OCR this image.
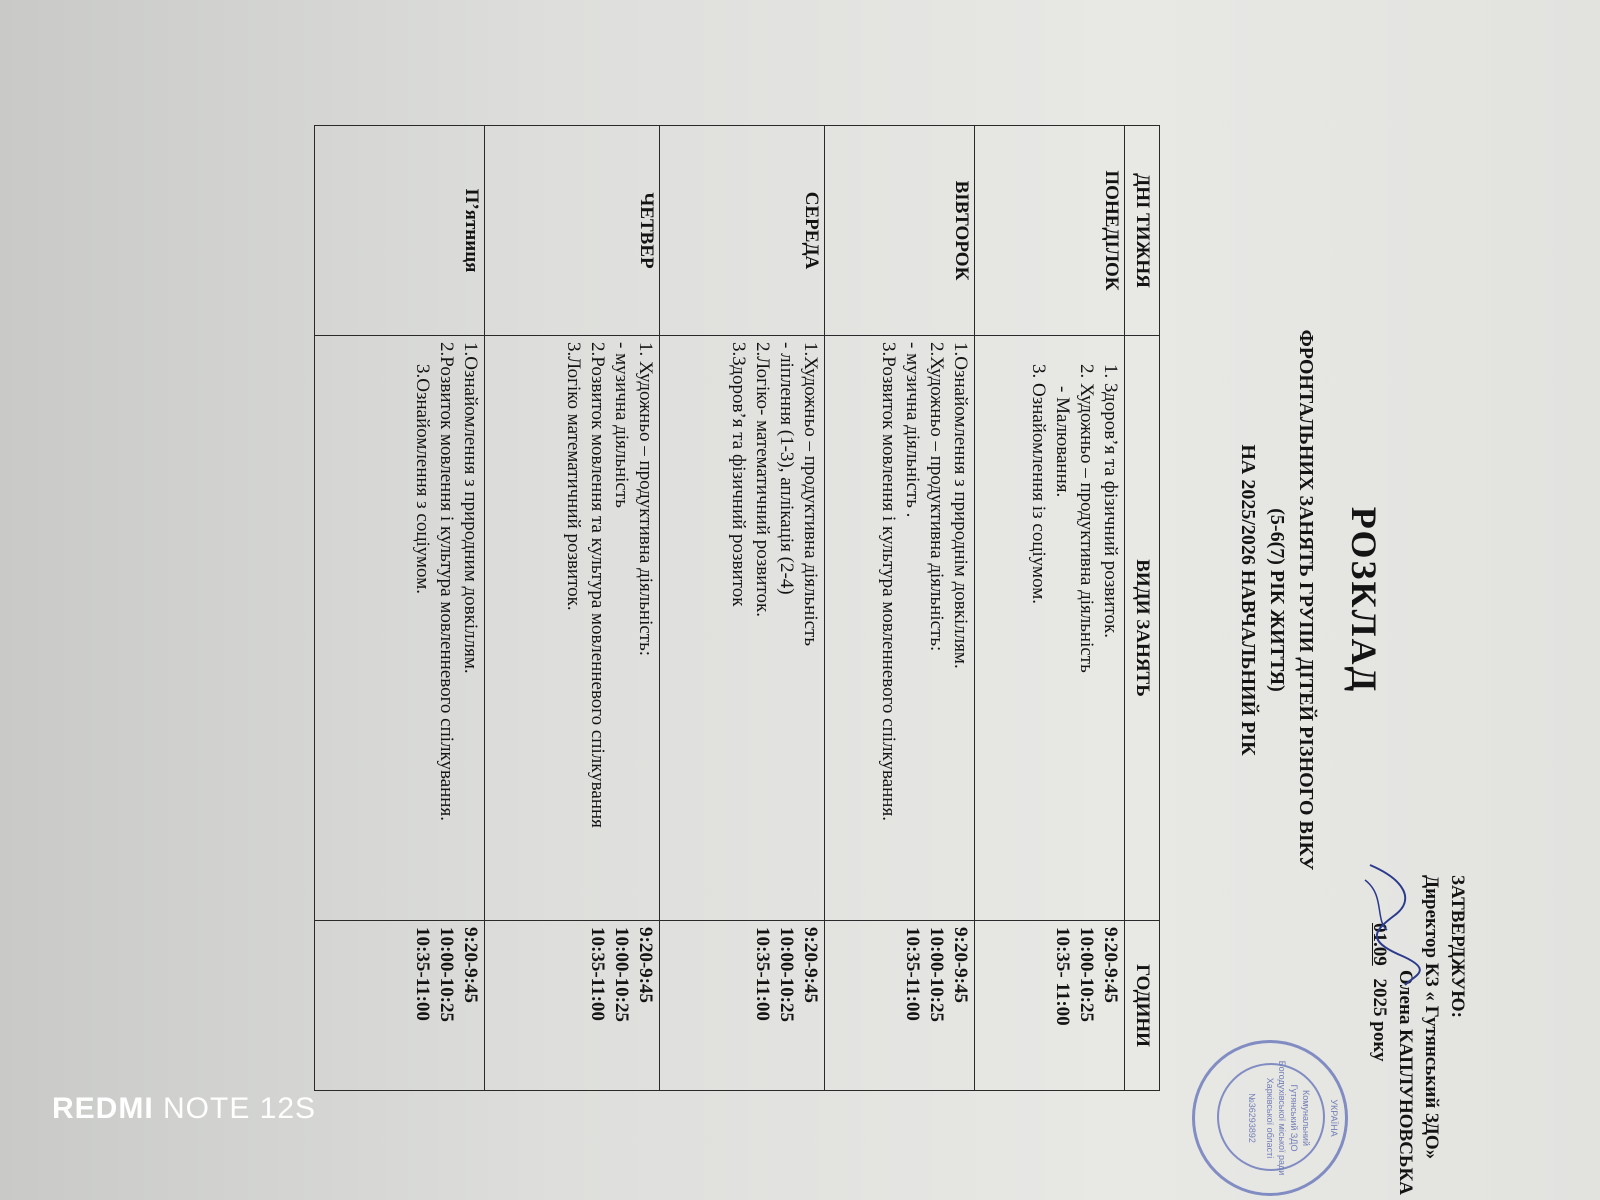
ЗАТВЕРДЖУЮ:
Директор КЗ « Гутянський ЗДО»
Олена КАПЛУНОВСЬКА
01.09 2025 року
УКРАЇНА
Комунальний
Гутянський ЗДО
Богодухівської міської ради
Харківської області
№36293892
РОЗКЛАД
ФРОНТАЛЬНИХ ЗАНЯТЬ ГРУПИ ДІТЕЙ РІЗНОГО ВІКУ
(5-6(7) РІК ЖИТТЯ)
НА 2025/2026 НАВЧАЛЬНИЙ РІК
ДНІ ТИЖНЯ	ВИДИ ЗАНЯТЬ	ГОДИНИ
ПОНЕДІЛОК	1. Здоров’я та фізичний розвиток.
2. Художньо – продуктивна діяльність
- Малювання.
3. Ознайомлення із соціумом.	9:20-9:45
10:00-10:25
10:35- 11:00

ВІВТОРОК	1.Ознайомлення з природнім довкіллям.
2.Художньо – продуктивна діяльність:
- музична діяльність .
3.Розвиток мовлення і культура мовленневого спілкування.	9:20-9:45
10:00-10:25
10:35-11:00

СЕРЕДА	1.Художньо – продуктивна діяльність
- ліплення (1-3), аплікація (2-4)
2.Логіко- математичний розвиток.
3.Здоров’я та фізичний розвиток	9:20-9:45
10:00-10:25
10:35-11:00

ЧЕТВЕР	1. Художньо – продуктивна діяльність:
- музична діяльність
2.Розвиток мовлення та культура мовленневого спілкування
3.Логіко математичний розвиток.	9:20-9:45
10:00-10:25
10:35-11:00

П’ятниця	1.Ознайомлення з природним довкіллям.
2.Розвиток мовлення і культура мовленневого спілкування.
3.Ознайомлення з соціумом.	9:20-9:45
10:00-10:25
10:35-11:00
REDMI NOTE 12S
